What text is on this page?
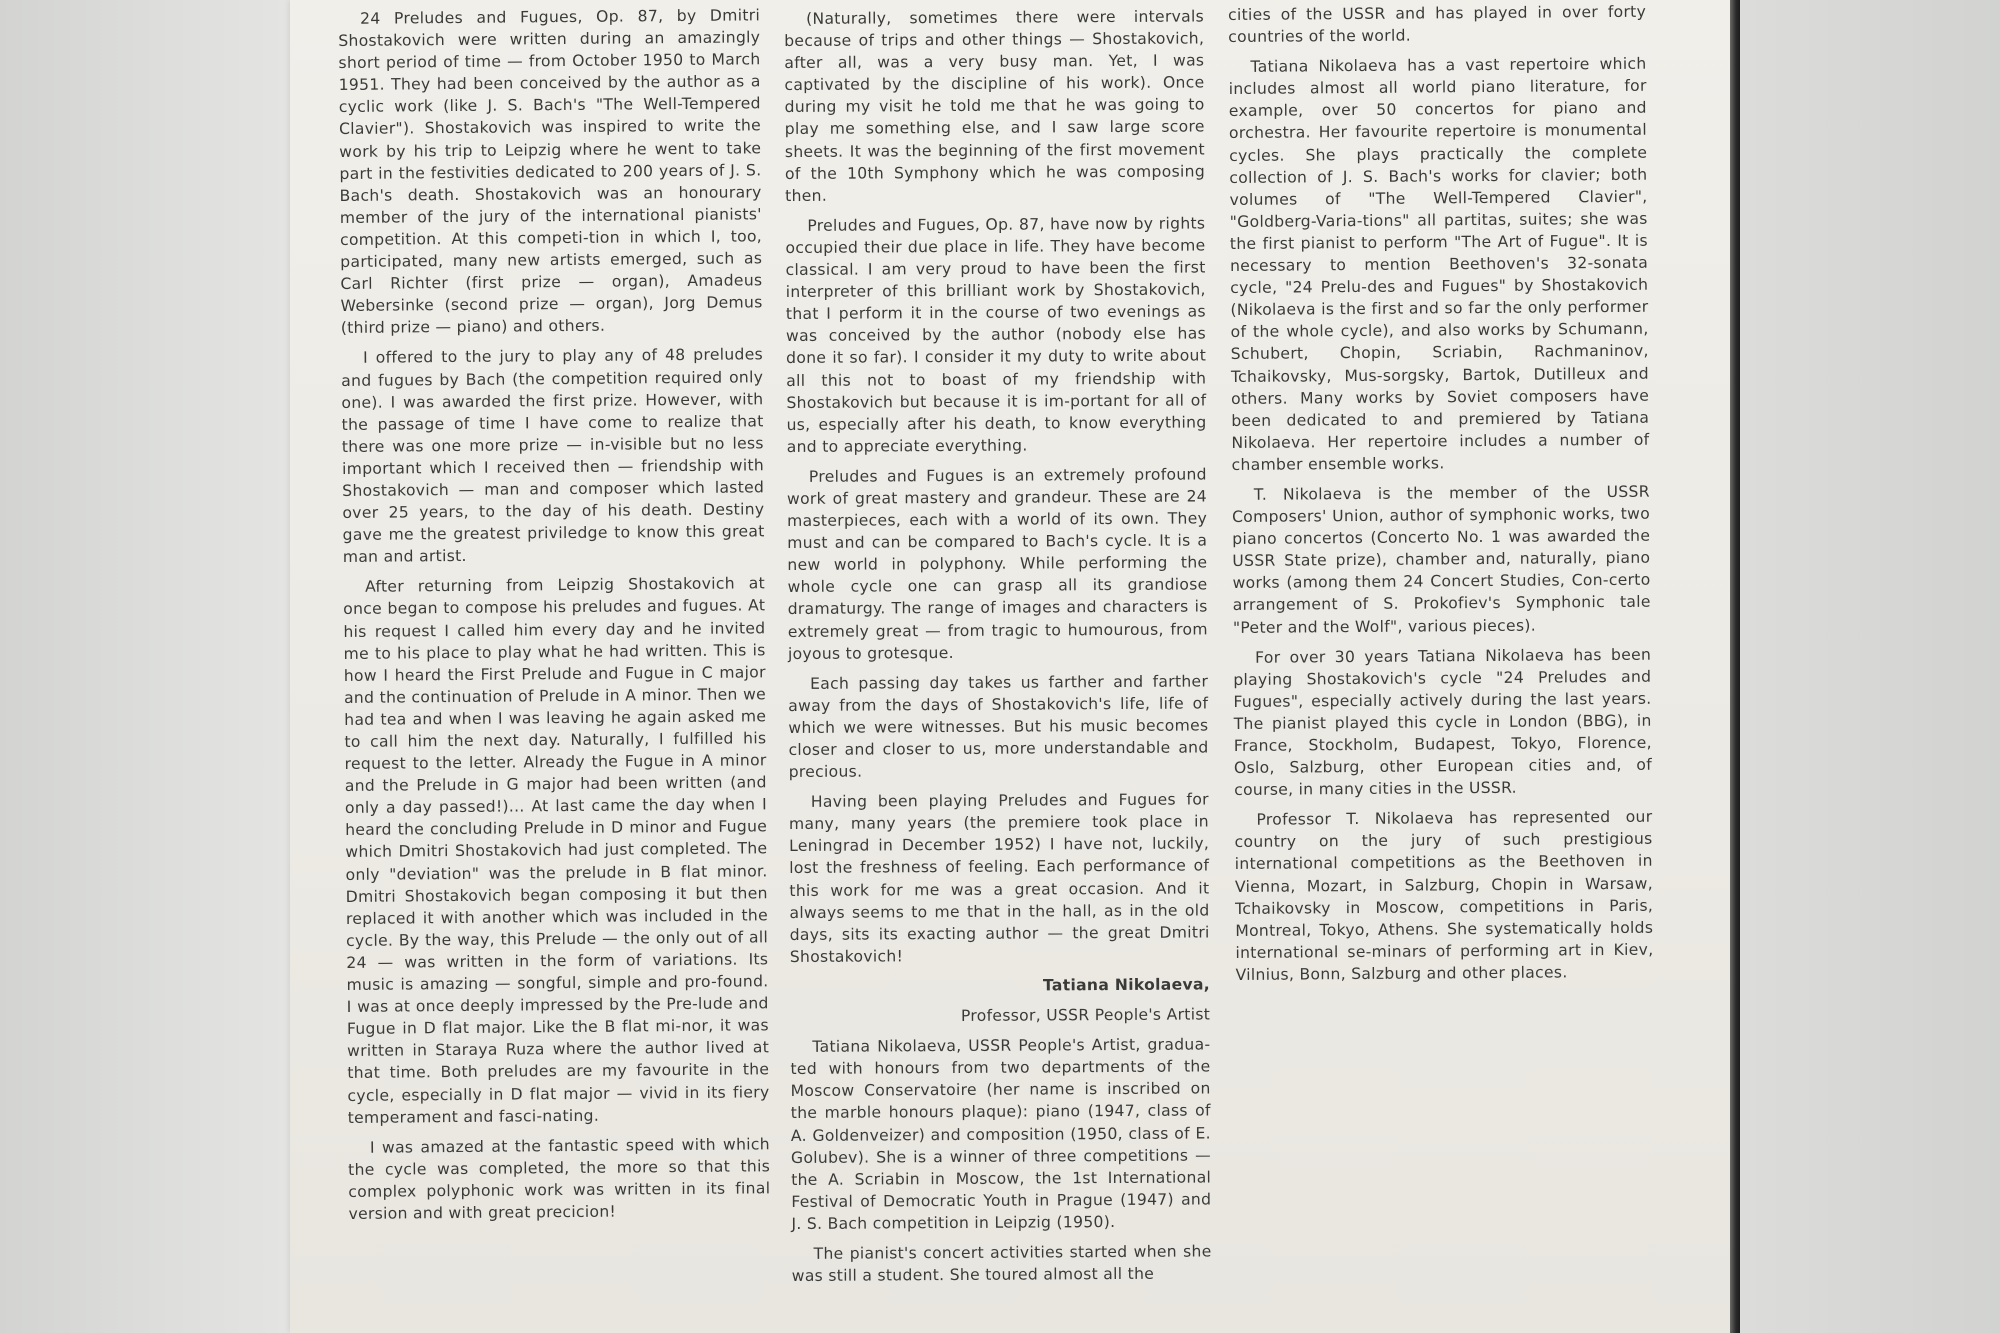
24 Preludes and Fugues, Op. 87, by Dmitri Shostakovich were written during an amazingly short period of time — from October 1950 to March 1951. They had been conceived by the author as a cyclic work (like J. S. Bach's "The Well-Tempered Clavier"). Shostakovich was inspired to write the work by his trip to Leipzig where he went to take part in the festivities dedicated to 200 years of J. S. Bach's death. Shostakovich was an honourary member of the jury of the international pianists' competition. At this competi-tion in which I, too, participated, many new artists emerged, such as Carl Richter (first prize — organ), Amadeus Webersinke (second prize — organ), Jorg Demus (third prize — piano) and others.

I offered to the jury to play any of 48 preludes and fugues by Bach (the competition required only one). I was awarded the first prize. However, with the passage of time I have come to realize that there was one more prize — in-visible but no less important which I received then — friendship with Shostakovich — man and composer which lasted over 25 years, to the day of his death. Destiny gave me the greatest priviledge to know this great man and artist.

After returning from Leipzig Shostakovich at once began to compose his preludes and fugues. At his request I called him every day and he invited me to his place to play what he had written. This is how I heard the First Prelude and Fugue in C major and the continuation of Prelude in A minor. Then we had tea and when I was leaving he again asked me to call him the next day. Naturally, I fulfilled his request to the letter. Already the Fugue in A minor and the Prelude in G major had been written (and only a day passed!)... At last came the day when I heard the concluding Prelude in D minor and Fugue which Dmitri Shostakovich had just completed. The only "deviation" was the prelude in B flat minor. Dmitri Shostakovich began composing it but then replaced it with another which was included in the cycle. By the way, this Prelude — the only out of all 24 — was written in the form of variations. Its music is amazing — songful, simple and pro-found. I was at once deeply impressed by the Pre-lude and Fugue in D flat major. Like the B flat mi-nor, it was written in Staraya Ruza where the author lived at that time. Both preludes are my favourite in the cycle, especially in D flat major — vivid in its fiery temperament and fasci-nating.

I was amazed at the fantastic speed with which the cycle was completed, the more so that this complex polyphonic work was written in its final version and with great precicion!

(Naturally, sometimes there were intervals because of trips and other things — Shostakovich, after all, was a very busy man. Yet, I was captivated by the discipline of his work). Once during my visit he told me that he was going to play me something else, and I saw large score sheets. It was the beginning of the first movement of the 10th Symphony which he was composing then.

Preludes and Fugues, Op. 87, have now by rights occupied their due place in life. They have become classical. I am very proud to have been the first interpreter of this brilliant work by Shostakovich, that I perform it in the course of two evenings as was conceived by the author (nobody else has done it so far). I consider it my duty to write about all this not to boast of my friendship with Shostakovich but because it is im-portant for all of us, especially after his death, to know everything and to appreciate everything.

Preludes and Fugues is an extremely profound work of great mastery and grandeur. These are 24 masterpieces, each with a world of its own. They must and can be compared to Bach's cycle. It is a new world in polyphony. While performing the whole cycle one can grasp all its grandiose dramaturgy. The range of images and characters is extremely great — from tragic to humourous, from joyous to grotesque.

Each passing day takes us farther and farther away from the days of Shostakovich's life, life of which we were witnesses. But his music becomes closer and closer to us, more understandable and precious.

Having been playing Preludes and Fugues for many, many years (the premiere took place in Leningrad in December 1952) I have not, luckily, lost the freshness of feeling. Each performance of this work for me was a great occasion. And it always seems to me that in the hall, as in the old days, sits its exacting author — the great Dmitri Shostakovich!

Tatiana Nikolaeva,

Professor, USSR People's Artist

Tatiana Nikolaeva, USSR People's Artist, gradua-ted with honours from two departments of the Moscow Conservatoire (her name is inscribed on the marble honours plaque): piano (1947, class of A. Goldenveizer) and composition (1950, class of E. Golubev). She is a winner of three competitions — the A. Scriabin in Moscow, the 1st International Festival of Democratic Youth in Prague (1947) and J. S. Bach competition in Leipzig (1950).

The pianist's concert activities started when she was still a student. She toured almost all the

cities of the USSR and has played in over forty countries of the world.

Tatiana Nikolaeva has a vast repertoire which includes almost all world piano literature, for example, over 50 concertos for piano and orchestra. Her favourite repertoire is monumental cycles. She plays practically the complete collection of J. S. Bach's works for clavier; both volumes of "The Well-Tempered Clavier", "Goldberg-Varia-tions" all partitas, suites; she was the first pianist to perform "The Art of Fugue". It is necessary to mention Beethoven's 32-sonata cycle, "24 Prelu-des and Fugues" by Shostakovich (Nikolaeva is the first and so far the only performer of the whole cycle), and also works by Schumann, Schubert, Chopin, Scriabin, Rachmaninov, Tchaikovsky, Mus-sorgsky, Bartok, Dutilleux and others. Many works by Soviet composers have been dedicated to and premiered by Tatiana Nikolaeva. Her repertoire includes a number of chamber ensemble works.

T. Nikolaeva is the member of the USSR Composers' Union, author of symphonic works, two piano concertos (Concerto No. 1 was awarded the USSR State prize), chamber and, naturally, piano works (among them 24 Concert Studies, Con-certo arrangement of S. Prokofiev's Symphonic tale "Peter and the Wolf", various pieces).

For over 30 years Tatiana Nikolaeva has been playing Shostakovich's cycle "24 Preludes and Fugues", especially actively during the last years. The pianist played this cycle in London (BBG), in France, Stockholm, Budapest, Tokyo, Florence, Oslo, Salzburg, other European cities and, of course, in many cities in the USSR.

Professor T. Nikolaeva has represented our country on the jury of such prestigious international competitions as the Beethoven in Vienna, Mozart, in Salzburg, Chopin in Warsaw, Tchaikovsky in Moscow, competitions in Paris, Montreal, Tokyo, Athens. She systematically holds international se-minars of performing art in Kiev, Vilnius, Bonn, Salzburg and other places.
